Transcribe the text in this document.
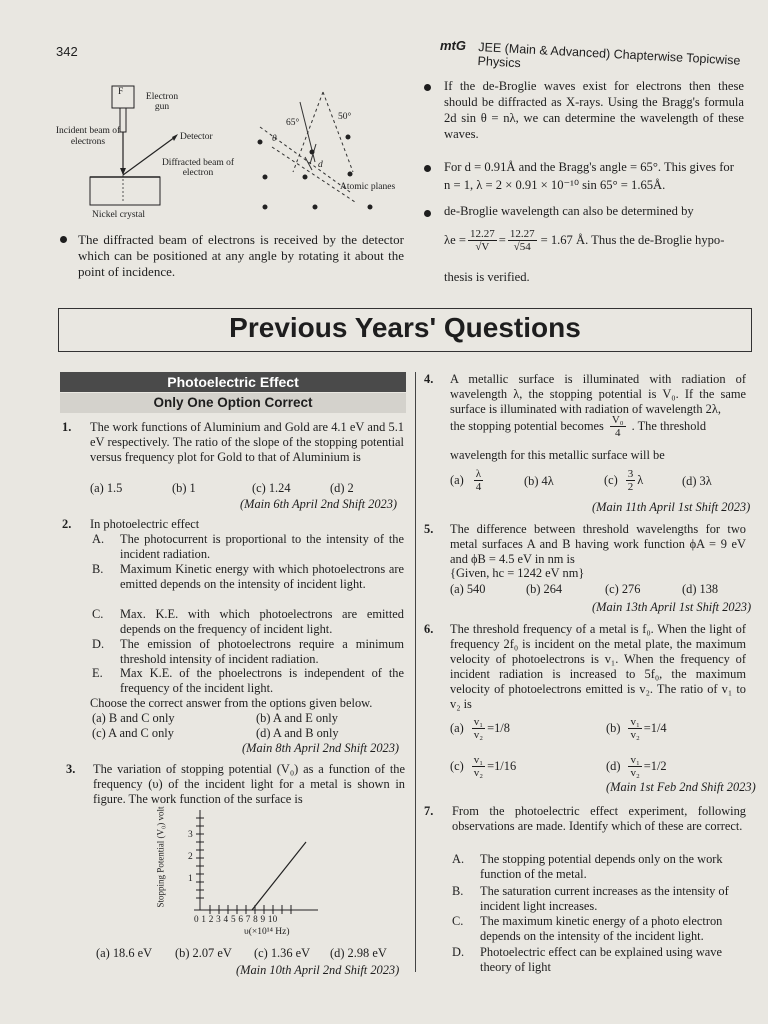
342	mtG JEE (Main & Advanced) Chapterwise Topicwise Physics
F	Electron gun
Incident beam of electrons	Detector
Diffracted beam of electron
Nickel crystal
65°
50°
θ
d
Atomic planes
The diffracted beam of electrons is received by the detector which can be positioned at any angle by rotating it about the point of incidence.
If the de-Broglie waves exist for electrons then these should be diffracted as X-rays. Using the Bragg's formula 2d sin θ = nλ, we can determine the wavelength of these waves.
For d = 0.91Å and the Bragg's angle = 65°. This gives for
n = 1, λ = 2 × 0.91 × 10⁻¹⁰ sin 65° = 1.65Å.
de-Broglie wavelength can also be determined by
$\lambda e = \frac{12.27}{√V} = \frac{12.27}{√54} = 1.67$ Å. Thus the de-Broglie hypo-
thesis is verified.
Previous Years' Questions
Photoelectric Effect
Only One Option Correct
1. The work functions of Aluminium and Gold are 4.1 eV and 5.1 eV respectively. The ratio of the slope of the stopping potential versus frequency plot for Gold to that of Aluminium is
(a) 1.5	(b) 1	(c) 1.24	(d) 2
(Main 6th April 2nd Shift 2023)
2. In photoelectric effect
A. The photocurrent is proportional to the intensity of the incident radiation.
B. Maximum Kinetic energy with which photoelectrons are emitted depends on the intensity of incident light.
C. Max. K.E. with which photoelectrons are emitted depends on the frequency of incident light.
D. The emission of photoelectrons require a minimum threshold intensity of incident radiation.
E. Max K.E. of the phoelectrons is independent of the frequency of the incident light.
Choose the correct answer from the options given below.
(a) B and C only	(b) A and E only
(c) A and C only	(d) A and B only
(Main 8th April 2nd Shift 2023)
3. The variation of stopping potential (V₀) as a function of the frequency (υ) of the incident light for a metal is shown in figure. The work function of the surface is
Stopping Potential (V₀) volt 3
2
1
0 1 2 3 4 5 6 7 8 9 10
υ(×10¹⁴ Hz)
(a) 18.6 eV (b) 2.07 eV (c) 1.36 eV (d) 2.98 eV
(Main 10th April 2nd Shift 2023)
4. A metallic surface is illuminated with radiation of wavelength λ, the stopping potential is V₀. If the same surface is illuminated with radiation of wavelength 2λ,
the stopping potential becomes $\frac{\text{V₀}}{4}$ . The threshold
wavelength for this metallic surface will be
$(a) \frac{\lambda}{4}$	(b) 4λ	$(c) \frac{3}{2}$ λ	(d) 3λ
(Main 11th April 1st Shift 2023)
5. The difference between threshold wavelengths for two metal surfaces A and B having work function ϕA = 9 eV and ϕB = 4.5 eV in nm is
{Given, hc = 1242 eV nm}
(a) 540	(b) 264	(c) 276	(d) 138
(Main 13th April 1st Shift 2023)
6. The threshold frequency of a metal is f₀. When the light of frequency 2f₀ is incident on the metal plate, the maximum velocity of photoelectrons is v₁. When the frequency of incident radiation is increased to 5f₀, the maximum velocity of photoelectrons emitted is v₂. The ratio of v₁ to v₂ is
$(a) \frac{\text{v₁}}{\text{v₂}} = 1/8$	$(b) \frac{\text{v₁}}{\text{v₂}} = 1/4$
$(c) \frac{\text{v₁}}{\text{v₂}} = 1/16$	$(d) \frac{\text{v₁}}{\text{v₂}} = 1/2$
(Main 1st Feb 2nd Shift 2023)
7. From the photoelectric effect experiment, following observations are made. Identify which of these are correct.
A. The stopping potential depends only on the work function of the metal.
B. The saturation current increases as the intensity of incident light increases.
C. The maximum kinetic energy of a photo electron depends on the intensity of the incident light.
D. Photoelectric effect can be explained using wave theory of light
